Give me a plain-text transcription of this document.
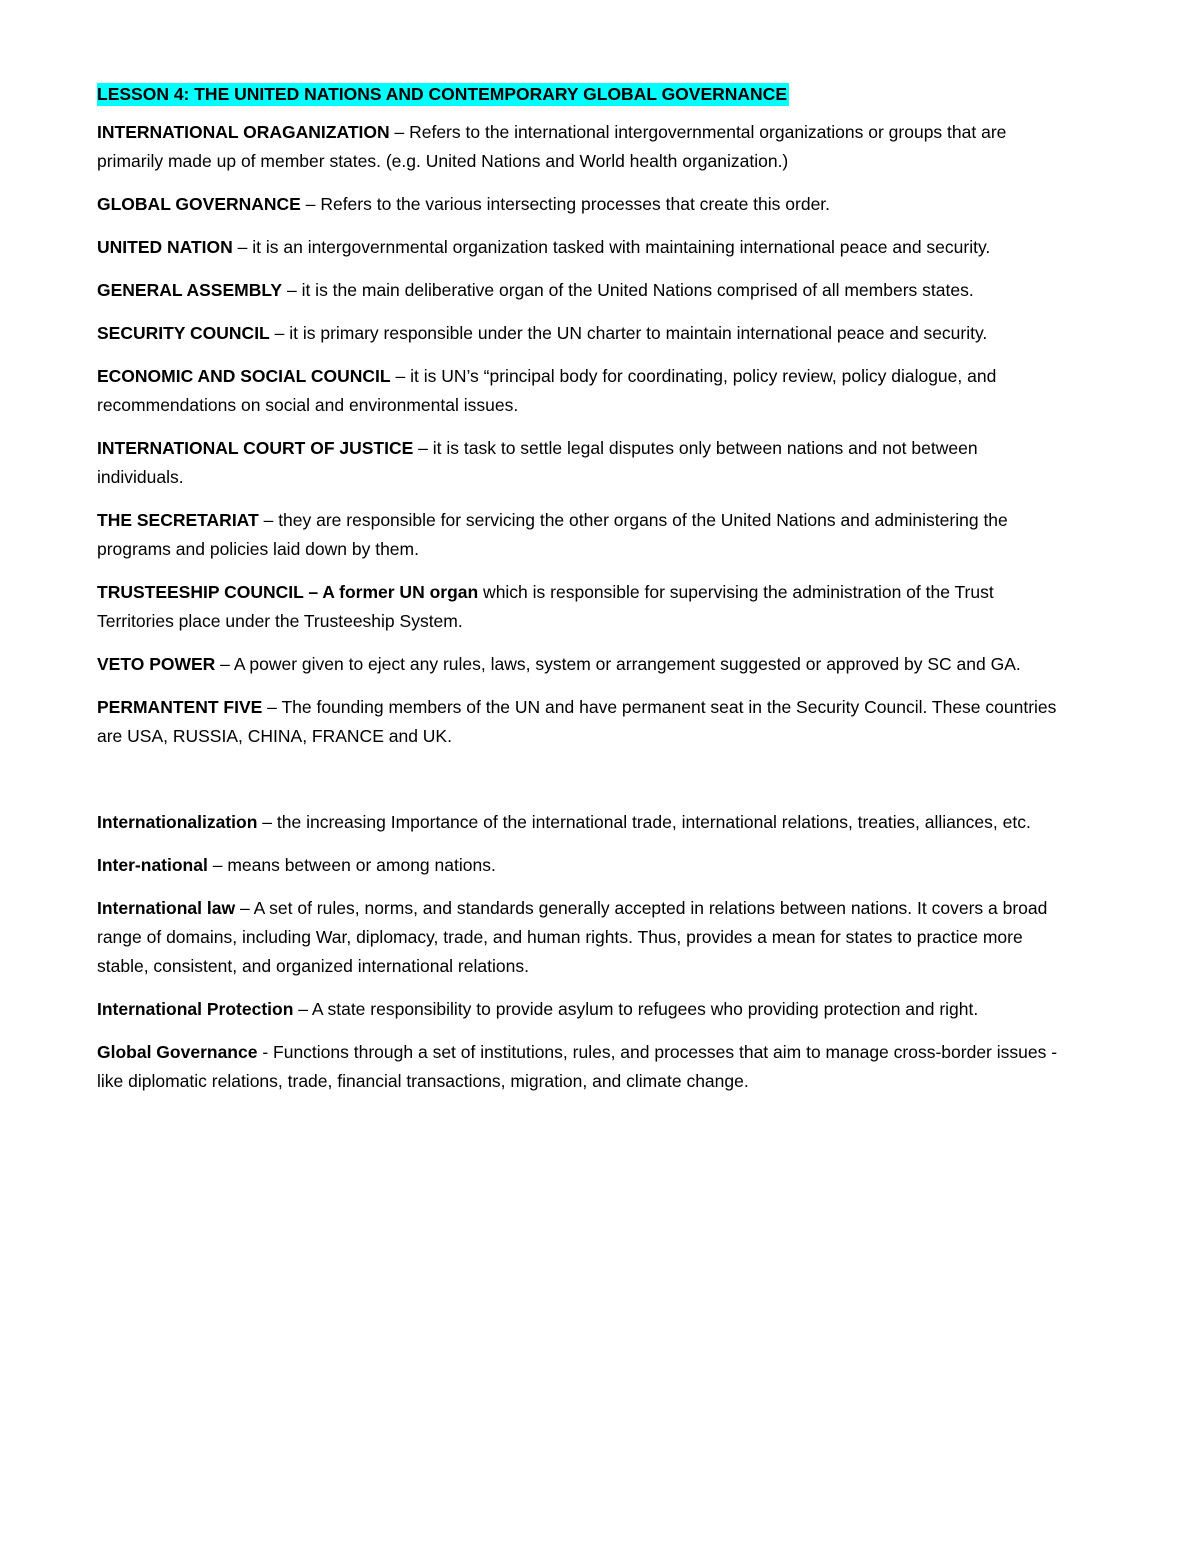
LESSON 4: THE UNITED NATIONS AND CONTEMPORARY GLOBAL GOVERNANCE

INTERNATIONAL ORAGANIZATION – Refers to the international intergovernmental organizations or groups that are primarily made up of member states. (e.g. United Nations and World health organization.)

GLOBAL GOVERNANCE – Refers to the various intersecting processes that create this order.

UNITED NATION – it is an intergovernmental organization tasked with maintaining international peace and security.

GENERAL ASSEMBLY – it is the main deliberative organ of the United Nations comprised of all members states.

SECURITY COUNCIL – it is primary responsible under the UN charter to maintain international peace and security.

ECONOMIC AND SOCIAL COUNCIL – it is UN’s “principal body for coordinating, policy review, policy dialogue, and recommendations on social and environmental issues.

INTERNATIONAL COURT OF JUSTICE – it is task to settle legal disputes only between nations and not between individuals.

THE SECRETARIAT – they are responsible for servicing the other organs of the United Nations and administering the programs and policies laid down by them.

TRUSTEESHIP COUNCIL – A former UN organ which is responsible for supervising the administration of the Trust Territories place under the Trusteeship System.

VETO POWER – A power given to eject any rules, laws, system or arrangement suggested or approved by SC and GA.

PERMANTENT FIVE – The founding members of the UN and have permanent seat in the Security Council. These countries are USA, RUSSIA, CHINA, FRANCE and UK.

Internationalization – the increasing Importance of the international trade, international relations, treaties, alliances, etc.

Inter-national – means between or among nations.

International law – A set of rules, norms, and standards generally accepted in relations between nations. It covers a broad range of domains, including War, diplomacy, trade, and human rights. Thus, provides a mean for states to practice more stable, consistent, and organized international relations.

International Protection – A state responsibility to provide asylum to refugees who providing protection and right.

Global Governance - Functions through a set of institutions, rules, and processes that aim to manage cross-border issues - like diplomatic relations, trade, financial transactions, migration, and climate change.
